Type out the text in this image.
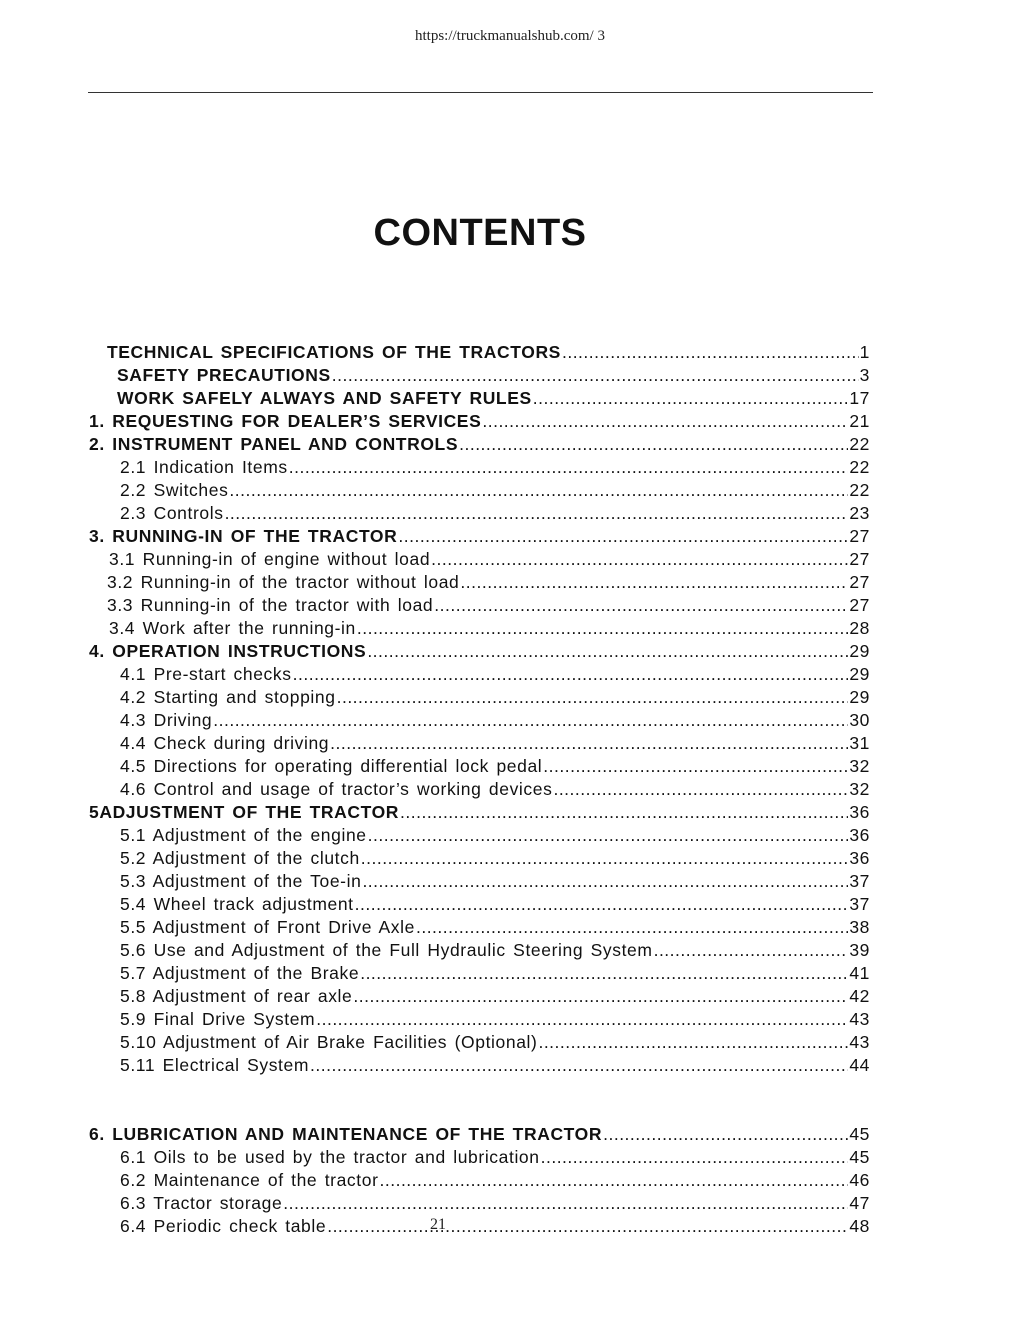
https://truckmanualshub.com/ 3
CONTENTS
TECHNICAL SPECIFICATIONS OF THE TRACTORS .....	1
SAFETY PRECAUTIONS .....	3
WORK SAFELY ALWAYS AND SAFETY RULES .....	17
1. REQUESTING FOR DEALER’S SERVICES .....	21
2. INSTRUMENT PANEL AND CONTROLS .....	22
2.1 Indication Items .....	22
2.2 Switches .....	22
2.3 Controls .....	23
3. RUNNING-IN OF THE TRACTOR .....	27
3.1 Running-in of engine without load .....	27
3.2 Running-in of the tractor without load .....	27
3.3 Running-in of the tractor with load .....	27
3.4 Work after the running-in .....	28
4. OPERATION INSTRUCTIONS .....	29
4.1 Pre-start checks .....	29
4.2 Starting and stopping .....	29
4.3 Driving .....	30
4.4 Check during driving .....	31
4.5 Directions for operating differential lock pedal .....	32
4.6 Control and usage of tractor’s working devices .....	32
5ADJUSTMENT OF THE TRACTOR .....	36
5.1 Adjustment of the engine .....	36
5.2 Adjustment of the clutch .....	36
5.3 Adjustment of the Toe-in .....	37
5.4 Wheel track adjustment .....	37
5.5 Adjustment of Front Drive Axle .....	38
5.6 Use and Adjustment of the Full Hydraulic Steering System .....	39
5.7 Adjustment of the Brake .....	41
5.8 Adjustment of rear axle .....	42
5.9 Final Drive System .....	43
5.10 Adjustment of Air Brake Facilities (Optional) .....	43
5.11 Electrical System .....	44
6. LUBRICATION AND MAINTENANCE OF THE TRACTOR .....	45
6.1 Oils to be used by the tractor and lubrication .....	45
6.2 Maintenance of the tractor .....	46
6.3 Tractor storage .....	47
6.4 Periodic check table .....	48
21
